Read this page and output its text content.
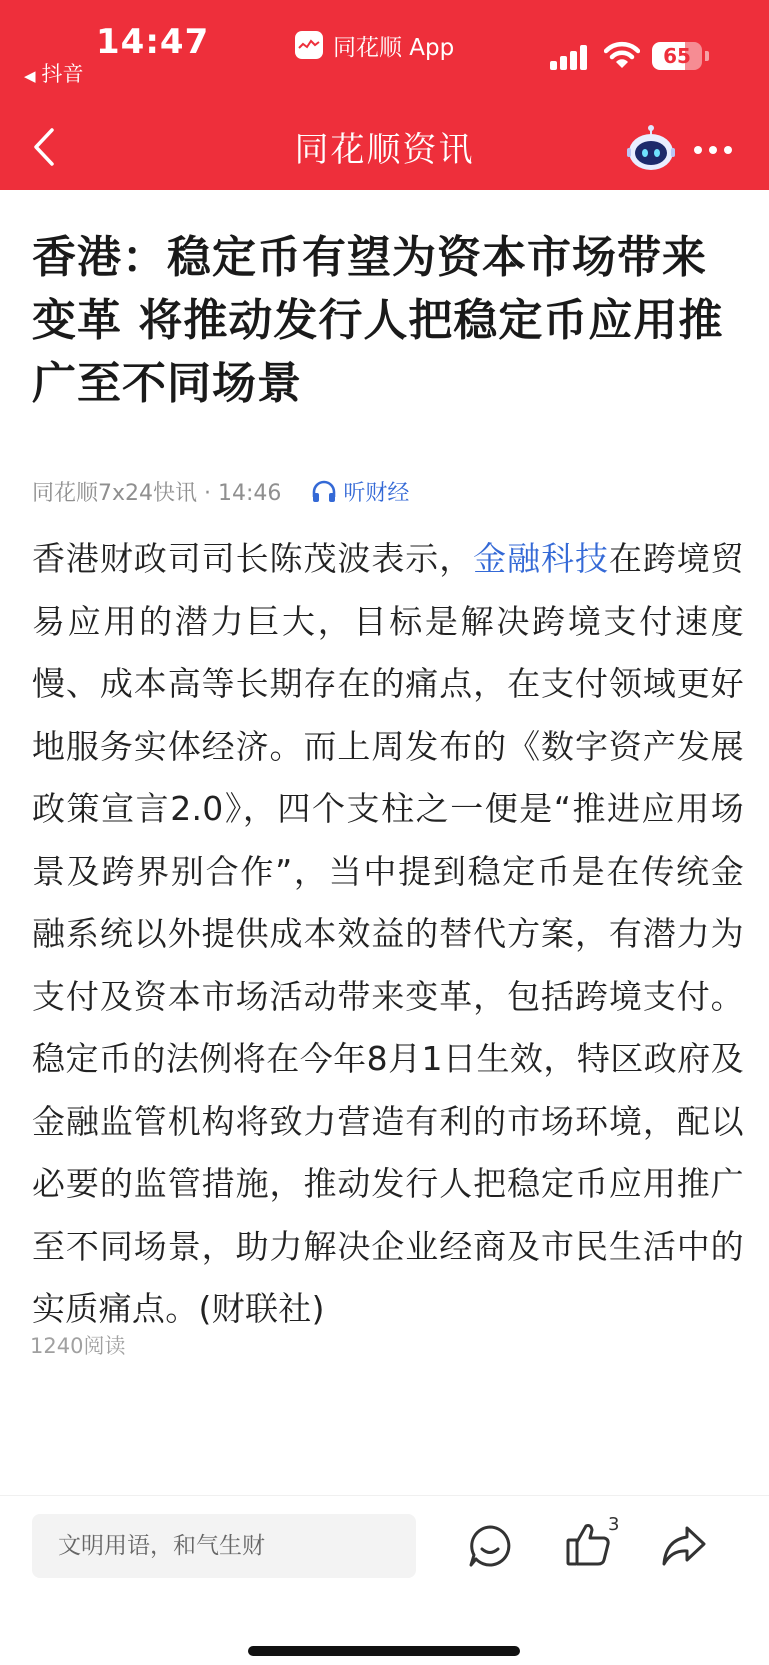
14:47
◀ 抖音
同花顺 App	65
同花顺资讯
香港：稳定币有望为资本市场带来变革 将推动发行人把稳定币应用推广至不同场景
同花顺7x24快讯 · 14:46	听财经

香港财政司司长陈茂波表示，金融科技在跨境贸易应用的潜力巨大，目标是解决跨境支付速度慢、成本高等长期存在的痛点，在支付领域更好地服务实体经济。而上周发布的《数字资产发展政策宣言2.0》，四个支柱之一便是“推进应用场景及跨界别合作”，当中提到稳定币是在传统金融系统以外提供成本效益的替代方案，有潜力为支付及资本市场活动带来变革，包括跨境支付。稳定币的法例将在今年8月1日生效，特区政府及金融监管机构将致力营造有利的市场环境，配以必要的监管措施，推动发行人把稳定币应用推广至不同场景，助力解决企业经商及市民生活中的实质痛点。(财联社)

1240阅读
文明用语，和气生财
3
